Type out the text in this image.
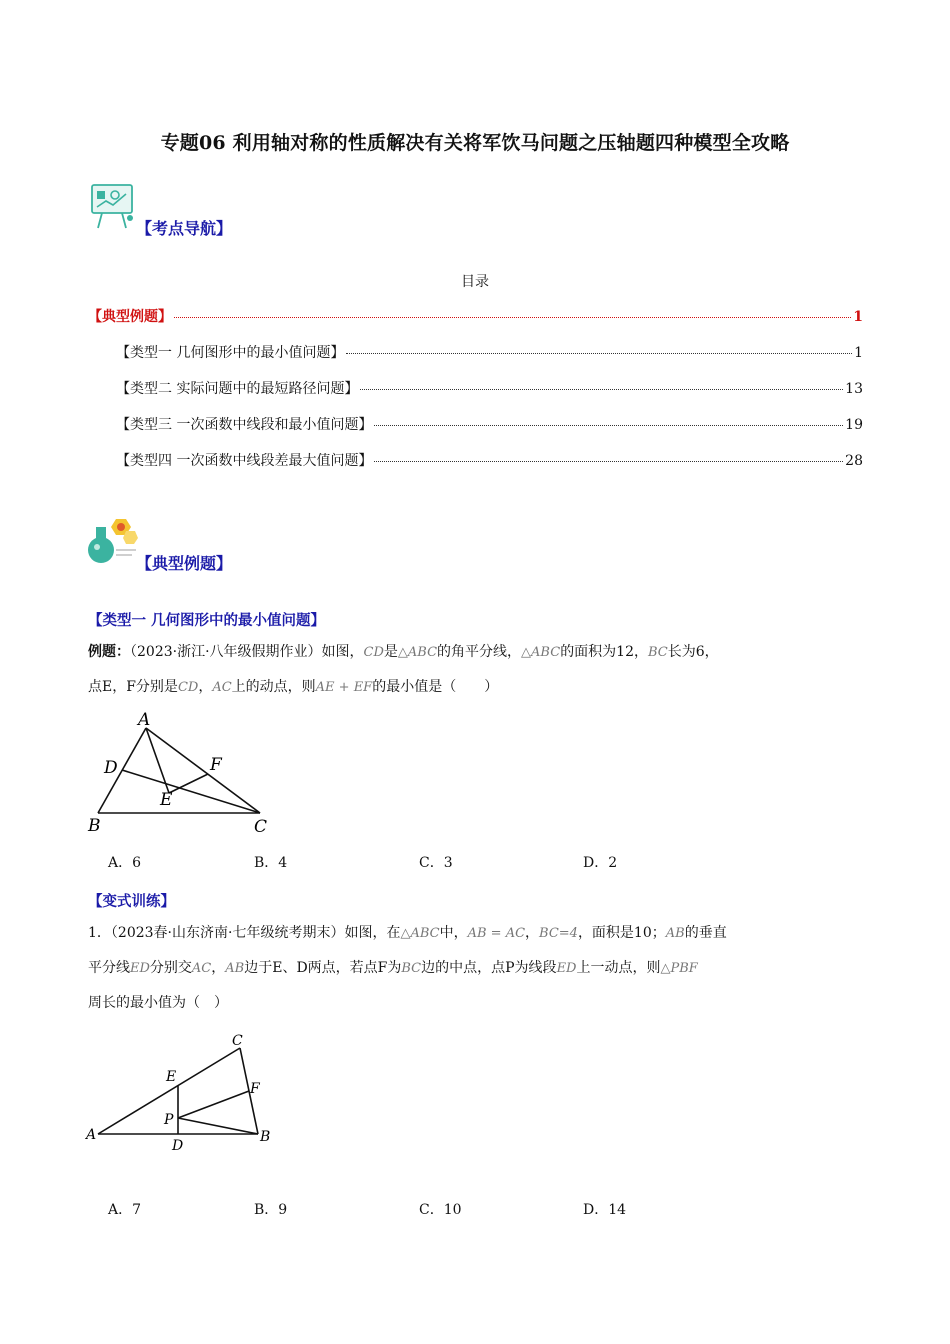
专题06 利用轴对称的性质解决有关将军饮马问题之压轴题四种模型全攻略
【考点导航】
目录
【典型例题】	1
【类型一 几何图形中的最小值问题】	1
【类型二 实际问题中的最短路径问题】	13
【类型三 一次函数中线段和最小值问题】	19
【类型四 一次函数中线段差最大值问题】	28
【典型例题】
【类型一 几何图形中的最小值问题】
例题：（2023·浙江·八年级假期作业）如图，CD是△ABC的角平分线，△ABC的面积为12，BC长为6，
点E，F分别是CD，AC上的动点，则AE + EF的最小值是（　　）
A
D	F
E
B	C
A．6	B．4	C．3	D．2
【变式训练】
1．（2023春·山东济南·七年级统考期末）如图，在△ABC中，AB = AC，BC=4，面积是10；AB的垂直
平分线ED分别交AC，AB边于E、D两点，若点F为BC边的中点，点P为线段ED上一动点，则△PBF
周长的最小值为（　）
C
E
F
P
A
D
B
A．7	B．9	C．10	D．14
